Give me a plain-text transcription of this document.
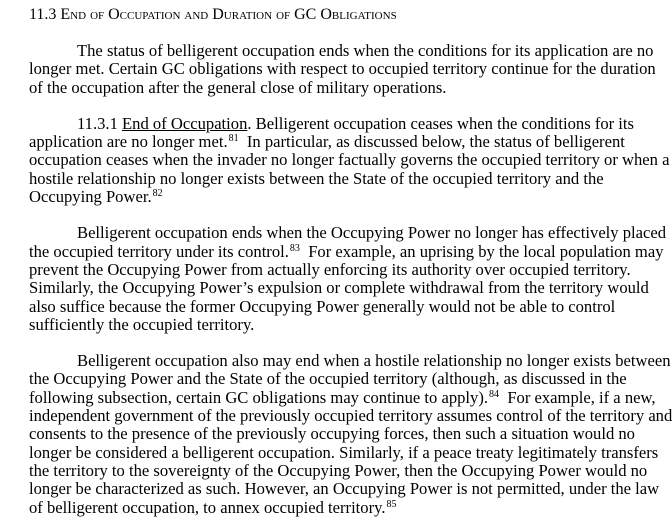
11.3 End of Occupation and Duration of GC Obligations

The status of belligerent occupation ends when the conditions for its application are no
longer met. Certain GC obligations with respect to occupied territory continue for the duration
of the occupation after the general close of military operations.

11.3.1 End of Occupation. Belligerent occupation ceases when the conditions for its
application are no longer met.$^{81}$ In particular, as discussed below, the status of belligerent
occupation ceases when the invader no longer factually governs the occupied territory or when a
hostile relationship no longer exists between the State of the occupied territory and the
Occupying Power.$^{82}$

Belligerent occupation ends when the Occupying Power no longer has effectively placed
the occupied territory under its control.$^{83}$ For example, an uprising by the local population may
prevent the Occupying Power from actually enforcing its authority over occupied territory.
Similarly, the Occupying Power’s expulsion or complete withdrawal from the territory would
also suffice because the former Occupying Power generally would not be able to control
sufficiently the occupied territory.

Belligerent occupation also may end when a hostile relationship no longer exists between
the Occupying Power and the State of the occupied territory (although, as discussed in the
following subsection, certain GC obligations may continue to apply).$^{84}$ For example, if a new,
independent government of the previously occupied territory assumes control of the territory and
consents to the presence of the previously occupying forces, then such a situation would no
longer be considered a belligerent occupation. Similarly, if a peace treaty legitimately transfers
the territory to the sovereignty of the Occupying Power, then the Occupying Power would no
longer be characterized as such. However, an Occupying Power is not permitted, under the law
of belligerent occupation, to annex occupied territory.$^{85}$
